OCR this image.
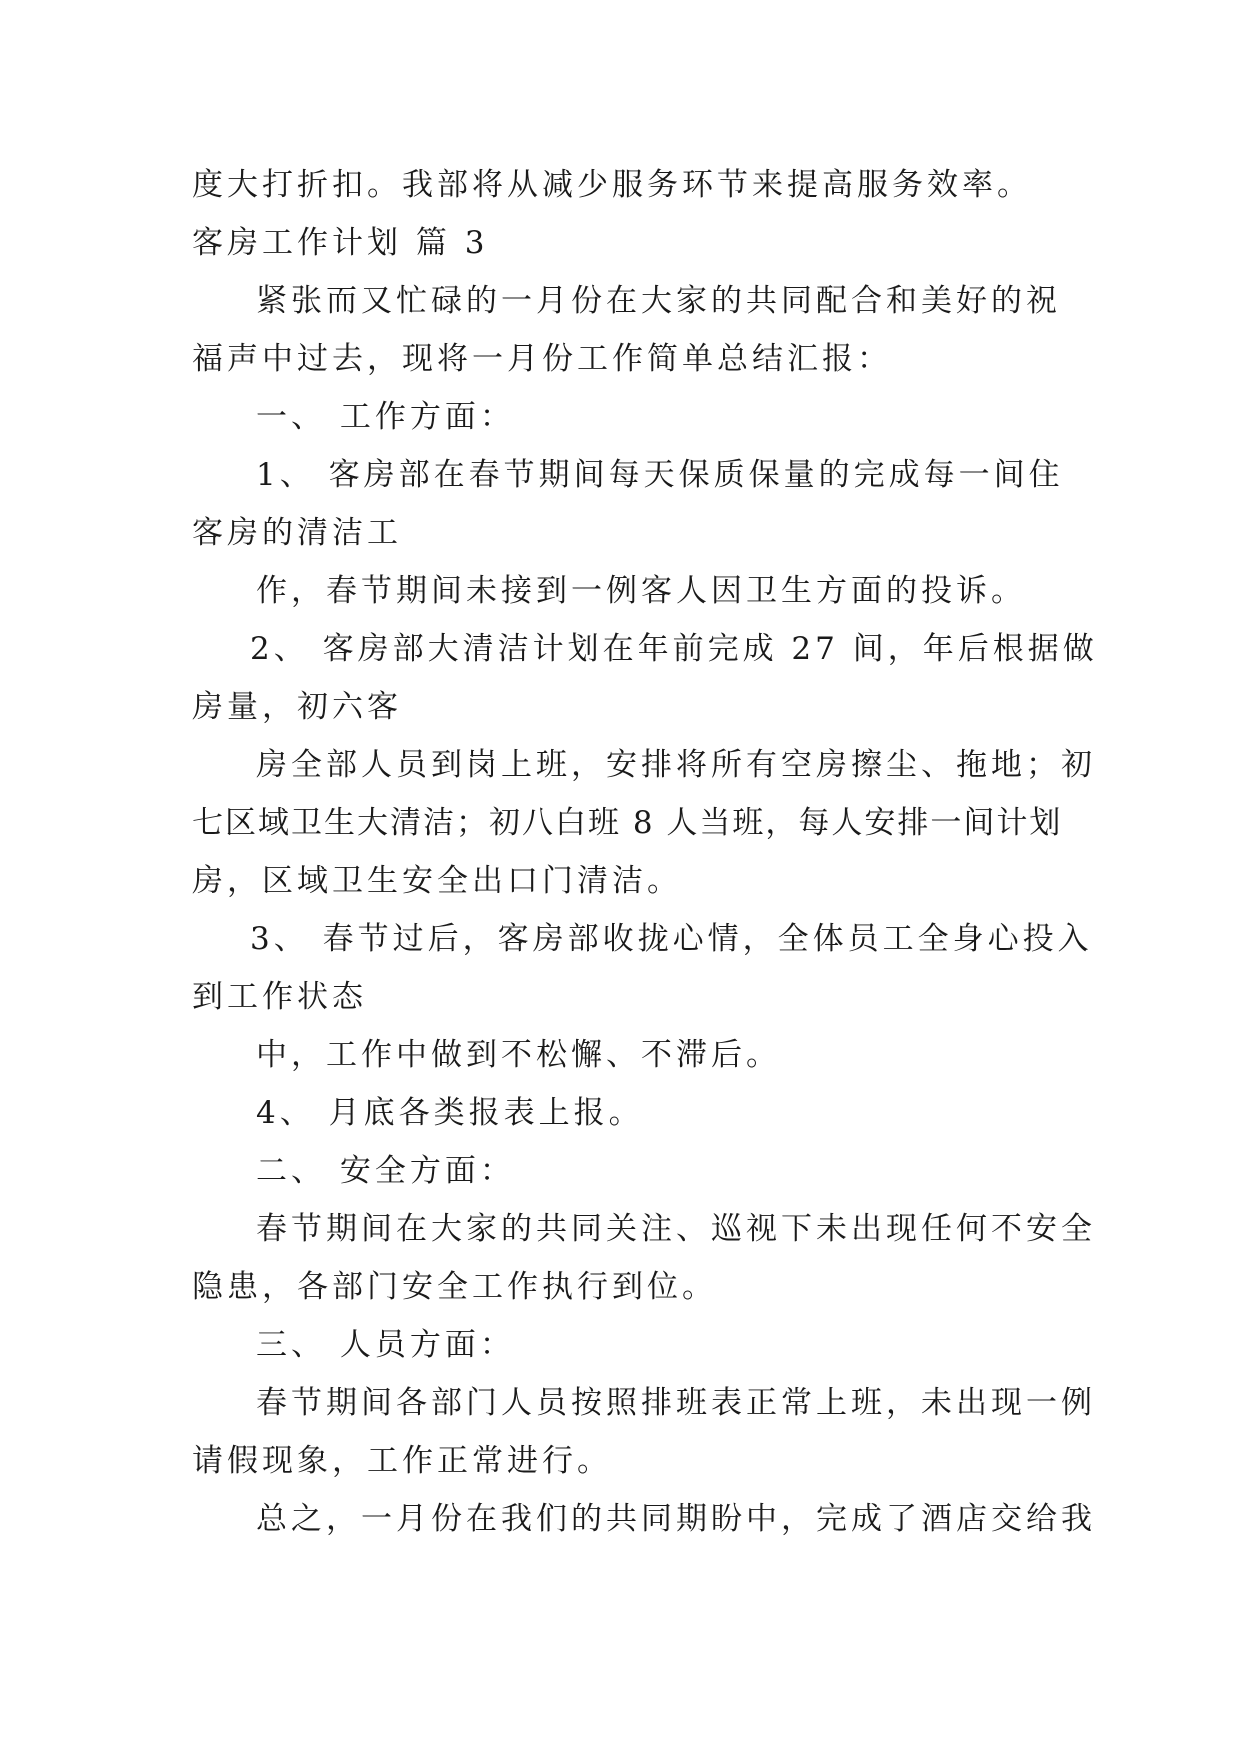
度大打折扣。我部将从减少服务环节来提高服务效率。

客房工作计划 篇 3

紧张而又忙碌的一月份在大家的共同配合和美好的祝

福声中过去，现将一月份工作简单总结汇报：

一、 工作方面：

1、 客房部在春节期间每天保质保量的完成每一间住

客房的清洁工

作，春节期间未接到一例客人因卫生方面的投诉。

2、 客房部大清洁计划在年前完成 27 间，年后根据做

房量，初六客

房全部人员到岗上班，安排将所有空房擦尘、拖地；初

七区域卫生大清洁；初八白班 8 人当班，每人安排一间计划

房，区域卫生安全出口门清洁。

3、 春节过后，客房部收拢心情，全体员工全身心投入

到工作状态

中，工作中做到不松懈、不滞后。

4、 月底各类报表上报。

二、 安全方面：

春节期间在大家的共同关注、巡视下未出现任何不安全

隐患，各部门安全工作执行到位。

三、 人员方面：

春节期间各部门人员按照排班表正常上班，未出现一例

请假现象，工作正常进行。

总之，一月份在我们的共同期盼中，完成了酒店交给我
